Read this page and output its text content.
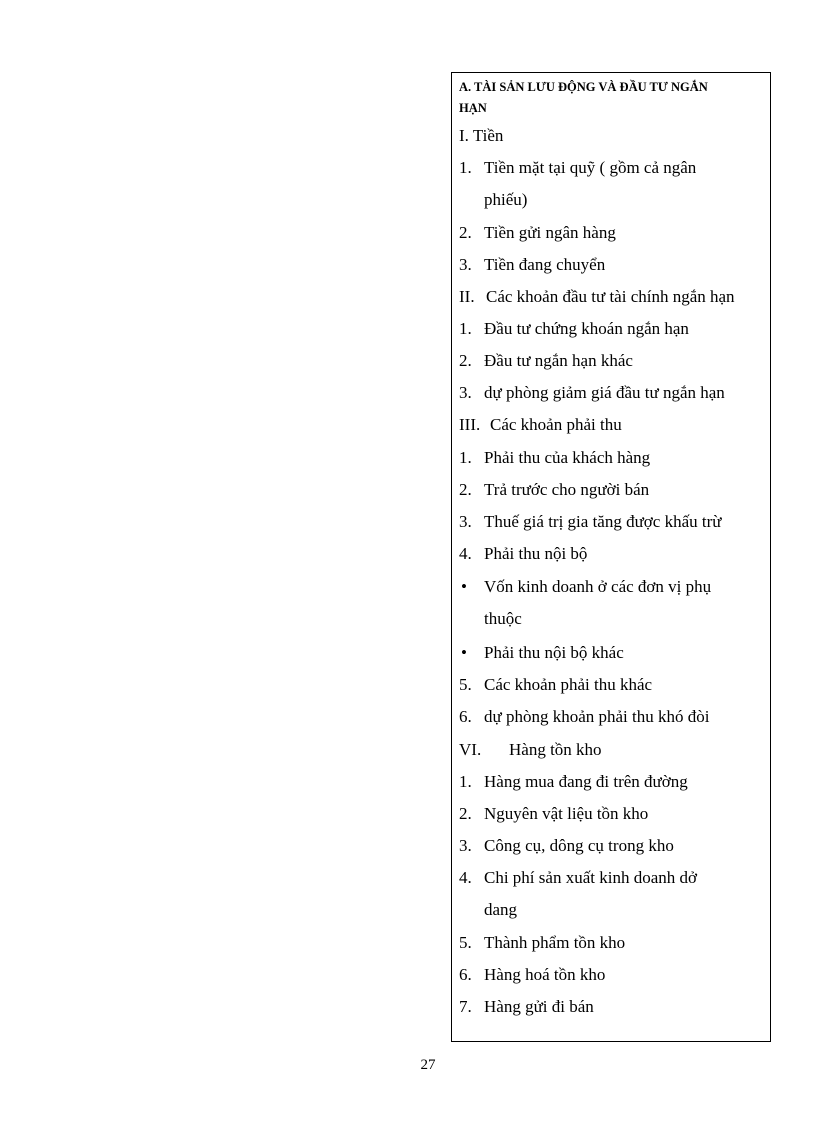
A. TÀI SẢN LƯU ĐỘNG VÀ ĐẦU TƯ NGẮN
HẠN
I. Tiền
1. Tiền mặt tại quỹ ( gồm cả ngân
phiếu)
2. Tiền gửi ngân hàng
3. Tiền đang chuyển
II. Các khoản đầu tư tài chính ngắn hạn
1. Đầu tư chứng khoán ngắn hạn
2. Đầu tư ngắn hạn khác
3. dự phòng giảm giá đầu tư ngắn hạn
III. Các khoản phải thu
1. Phải thu của khách hàng
2. Trả trước cho người bán
3. Thuế giá trị gia tăng được khấu trừ
4. Phải thu nội bộ
• Vốn kinh doanh ở các đơn vị phụ
thuộc
• Phải thu nội bộ khác
5. Các khoản phải thu khác
6. dự phòng khoản phải thu khó đòi
VI. Hàng tồn kho
1. Hàng mua đang đi trên đường
2. Nguyên vật liệu tồn kho
3. Công cụ, dông cụ trong kho
4. Chi phí sản xuất kinh doanh dở
dang
5. Thành phẩm tồn kho
6. Hàng hoá tồn kho
7. Hàng gửi đi bán
27
